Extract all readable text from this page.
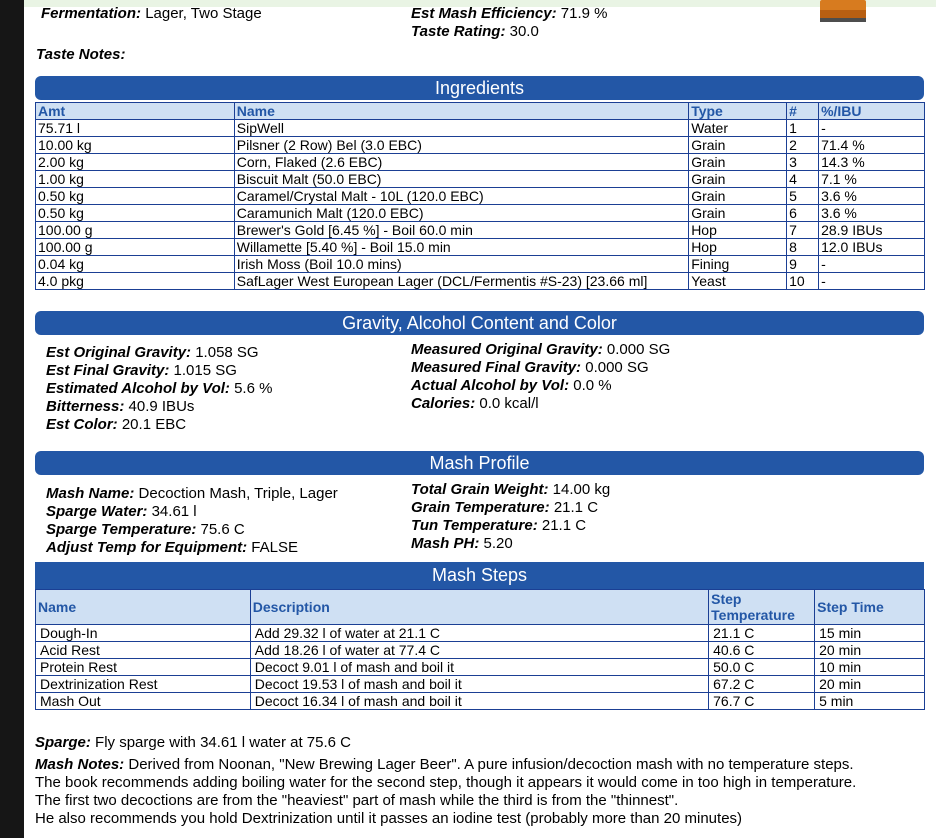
Fermentation: Lager, Two Stage	Est Mash Efficiency: 71.9 %
Taste Rating: 30.0
Taste Notes:
Ingredients
Amt	Name	Type	#	%/IBU
75.71 l	SipWell	Water	1	-
10.00 kg	Pilsner (2 Row) Bel (3.0 EBC)	Grain	2	71.4 %
2.00 kg	Corn, Flaked (2.6 EBC)	Grain	3	14.3 %
1.00 kg	Biscuit Malt (50.0 EBC)	Grain	4	7.1 %
0.50 kg	Caramel/Crystal Malt - 10L (120.0 EBC)	Grain	5	3.6 %
0.50 kg	Caramunich Malt (120.0 EBC)	Grain	6	3.6 %
100.00 g	Brewer's Gold [6.45 %] - Boil 60.0 min	Hop	7	28.9 IBUs
100.00 g	Willamette [5.40 %] - Boil 15.0 min	Hop	8	12.0 IBUs
0.04 kg	Irish Moss (Boil 10.0 mins)	Fining	9	-
4.0 pkg	SafLager West European Lager (DCL/Fermentis #S-23) [23.66 ml]	Yeast	10	-
Gravity, Alcohol Content and Color
Est Original Gravity: 1.058 SG
Est Final Gravity: 1.015 SG
Estimated Alcohol by Vol: 5.6 %
Bitterness: 40.9 IBUs
Est Color: 20.1 EBC
Measured Original Gravity: 0.000 SG
Measured Final Gravity: 0.000 SG
Actual Alcohol by Vol: 0.0 %
Calories: 0.0 kcal/l
Mash Profile
Mash Name: Decoction Mash, Triple, Lager
Sparge Water: 34.61 l
Sparge Temperature: 75.6 C
Adjust Temp for Equipment: FALSE
Total Grain Weight: 14.00 kg
Grain Temperature: 21.1 C
Tun Temperature: 21.1 C
Mash PH: 5.20
Mash Steps
Name	Description	Step Temperature	Step Time
Dough-In	Add 29.32 l of water at 21.1 C	21.1 C	15 min
Acid Rest	Add 18.26 l of water at 77.4 C	40.6 C	20 min
Protein Rest	Decoct 9.01 l of mash and boil it	50.0 C	10 min
Dextrinization Rest	Decoct 19.53 l of mash and boil it	67.2 C	20 min
Mash Out	Decoct 16.34 l of mash and boil it	76.7 C	5 min
Sparge: Fly sparge with 34.61 l water at 75.6 C
Mash Notes: Derived from Noonan, "New Brewing Lager Beer". A pure infusion/decoction mash with no temperature steps.
The book recommends adding boiling water for the second step, though it appears it would come in too high in temperature.
The first two decoctions are from the "heaviest" part of mash while the third is from the "thinnest".
He also recommends you hold Dextrinization until it passes an iodine test (probably more than 20 minutes)
